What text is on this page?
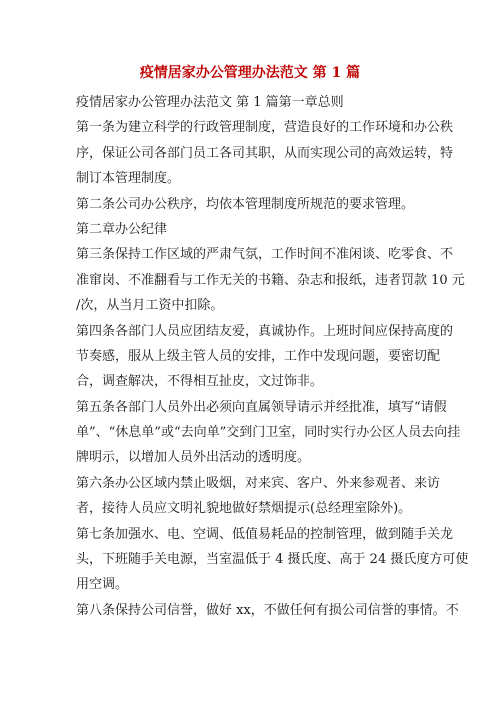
疫情居家办公管理办法范文 第 1 篇

疫情居家办公管理办法范文 第 1 篇第一章总则

第一条为建立科学的行政管理制度，营造良好的工作环境和办公秩
序，保证公司各部门员工各司其职，从而实现公司的高效运转，特
制订本管理制度。

第二条公司办公秩序，均依本管理制度所规范的要求管理。

第二章办公纪律

第三条保持工作区域的严肃气氛，工作时间不准闲谈、吃零食、不
准窜岗、不准翻看与工作无关的书籍、杂志和报纸，违者罚款 10 元
/次，从当月工资中扣除。

第四条各部门人员应团结友爱，真诚协作。上班时间应保持高度的
节奏感，服从上级主管人员的安排，工作中发现问题，要密切配
合，调查解决，不得相互扯皮，文过饰非。

第五条各部门人员外出必须向直属领导请示并经批准，填写“请假
单”、“休息单”或“去向单”交到门卫室，同时实行办公区人员去向挂
牌明示，以增加人员外出活动的透明度。

第六条办公区域内禁止吸烟，对来宾、客户、外来参观者、来访
者，接待人员应文明礼貌地做好禁烟提示(总经理室除外)。

第七条加强水、电、空调、低值易耗品的控制管理，做到随手关龙
头，下班随手关电源，当室温低于 4 摄氏度、高于 24 摄氏度方可使
用空调。

第八条保持公司信誉，做好 xx，不做任何有损公司信誉的事情。不
